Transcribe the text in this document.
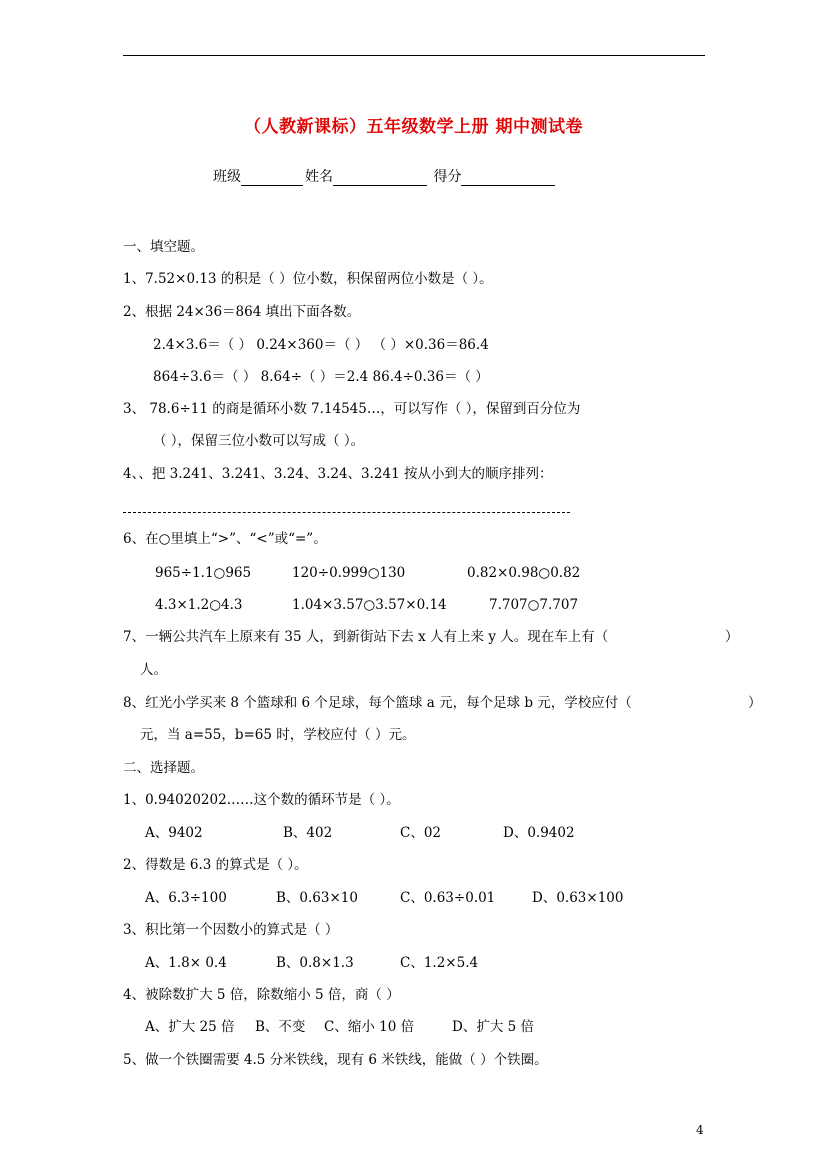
（人教新课标）五年级数学上册 期中测试卷
班级	姓名	得分
一、填空题。
1、7.52×0.13 的积是（ ）位小数，积保留两位小数是（ ）。
2、根据 24×36＝864 填出下面各数。
2.4×3.6＝（ ） 0.24×360＝（ ） （ ）×0.36＝86.4
864÷3.6＝（ ） 8.64÷（ ）＝2.4 86.4÷0.36＝（ ）
3、 78.6÷11 的商是循环小数 7.14545…，可以写作（ ），保留到百分位为
（ ），保留三位小数可以写成（ ）。
4、、把 3.241、3.241、3.24、3.24、3.241 按从小到大的顺序排列：
6、在○里填上“>”、“<”或“=”。
965÷1.1○965	120÷0.999○130	0.82×0.98○0.82
4.3×1.2○4.3	1.04×3.57○3.57×0.14	7.707○7.707
7、一辆公共汽车上原来有 35 人，到新街站下去 x 人有上来 y 人。现在车上有（	）
人。
8、红光小学买来 8 个篮球和 6 个足球，每个篮球 a 元，每个足球 b 元，学校应付（	）
元，当 a=55，b=65 时，学校应付（ ）元。
二、选择题。
1、0.94020202……这个数的循环节是（ ）。
A、9402	B、402	C、02	D、0.9402
2、得数是 6.3 的算式是（ ）。
A、6.3÷100	B、0.63×10	C、0.63÷0.01	D、0.63×100
3、积比第一个因数小的算式是（ ）
A、1.8× 0.4	B、0.8×1.3	C、1.2×5.4
4、被除数扩大 5 倍，除数缩小 5 倍，商（ ）
A、扩大 25 倍 B、不变 C、缩小 10 倍	D、扩大 5 倍
5、做一个铁圈需要 4.5 分米铁线，现有 6 米铁线，能做（ ）个铁圈。
4
